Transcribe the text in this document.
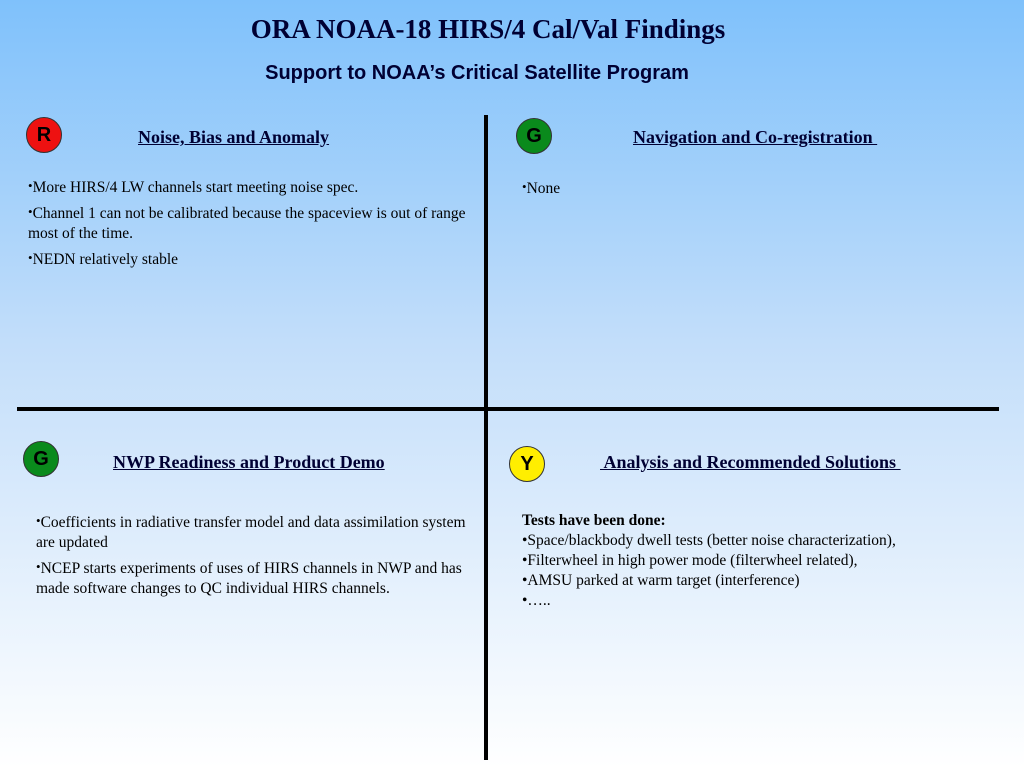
ORA NOAA-18 HIRS/4 Cal/Val Findings
Support to NOAA’s Critical Satellite Program
R	Noise, Bias and Anomaly

•More HIRS/4 LW channels start meeting noise spec.

•Channel 1 can not be calibrated because the spaceview is out of range most of the time.

•NEDN relatively stable

G	Navigation and Co-registration

•None

G	NWP Readiness and Product Demo

•Coefficients in radiative transfer model and data assimilation system are updated

•NCEP starts experiments of uses of HIRS channels in NWP and has made software changes to QC individual HIRS channels.

Y	Analysis and Recommended Solutions
Tests have been done:
•Space/blackbody dwell tests (better noise characterization),
•Filterwheel in high power mode (filterwheel related),
•AMSU parked at warm target (interference)
•…..
